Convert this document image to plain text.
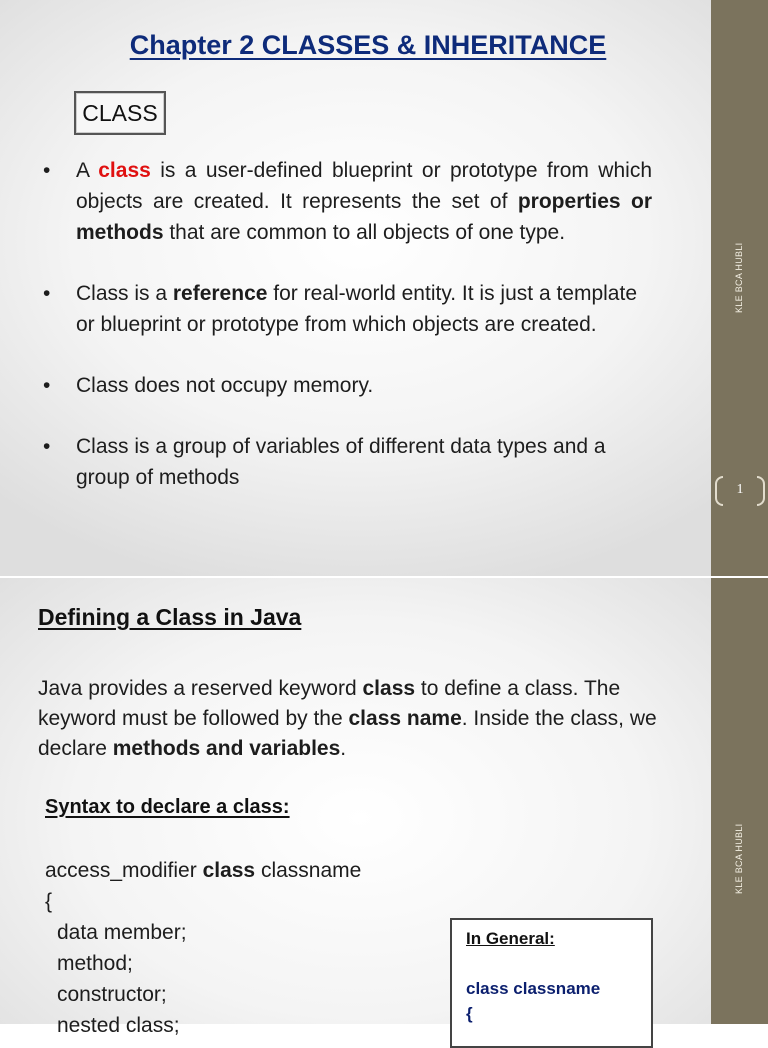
Chapter 2 CLASSES & INHERITANCE
CLASS
• A class is a user-defined blueprint or prototype from which objects are created. It represents the set of properties or methods that are common to all objects of one type.
• Class is a reference for real-world entity. It is just a template or blueprint or prototype from which objects are created.
• Class does not occupy memory.
• Class is a group of variables of different data types and a group of methods
KLE BCA HUBLI
1
Defining a Class in Java
Java provides a reserved keyword class to define a class. The keyword must be followed by the class name. Inside the class, we declare methods and variables.
Syntax to declare a class:
access_modifier class classname
{
data member;
method;
constructor;
nested class;
In General:
class classname
{
KLE BCA HUBLI
